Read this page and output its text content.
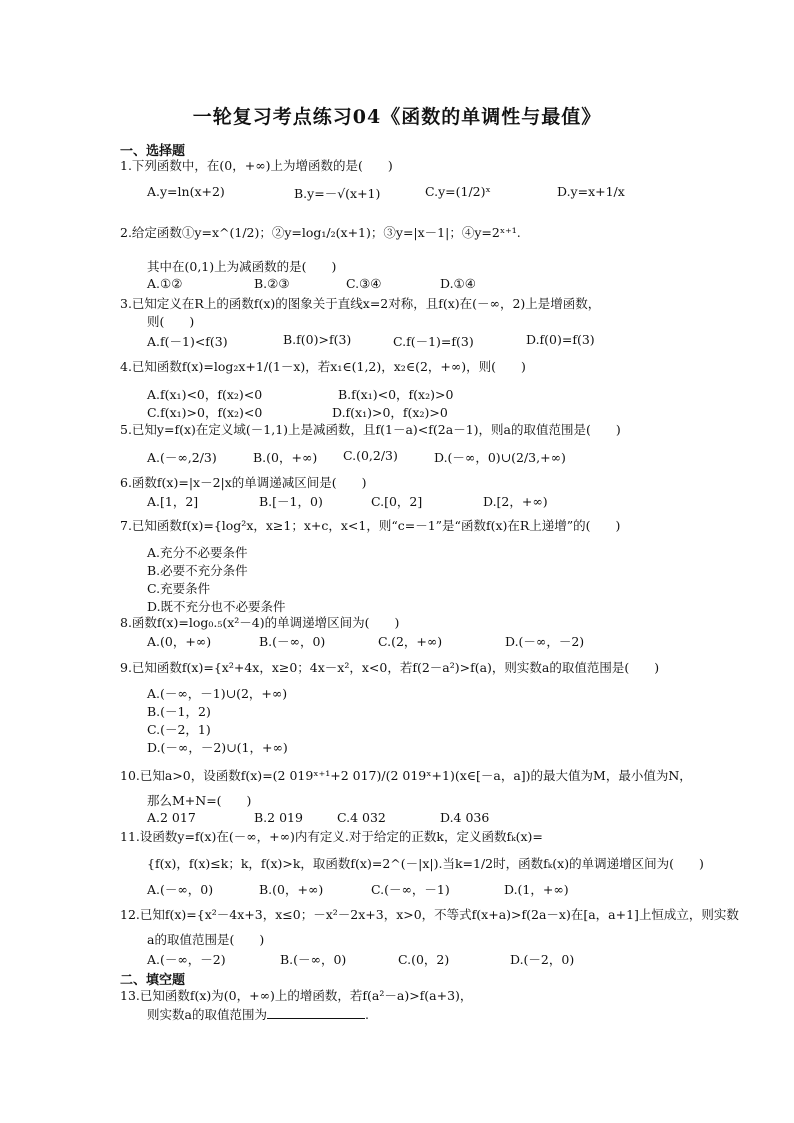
一轮复习考点练习04《函数的单调性与最值》
一、选择题
1.下列函数中，在(0，+∞)上为增函数的是(　　)
A.y=ln(x+2)	B.y=－√(x+1)	C.y=(1/2)ˣ	D.y=x+1/x
2.给定函数①y=x^(1/2)；②y=log₁/₂(x+1)；③y=|x－1|；④y=2ˣ⁺¹.
其中在(0,1)上为减函数的是(　　)
A.①②	B.②③	C.③④	D.①④
3.已知定义在R上的函数f(x)的图象关于直线x=2对称，且f(x)在(－∞，2)上是增函数，
则(　　)
A.f(－1)<f(3)	B.f(0)>f(3)	C.f(－1)=f(3)	D.f(0)=f(3)
4.已知函数f(x)=log₂x+1/(1－x)，若x₁∈(1,2)，x₂∈(2，+∞)，则(　　)
A.f(x₁)<0，f(x₂)<0	B.f(x₁)<0，f(x₂)>0
C.f(x₁)>0，f(x₂)<0	D.f(x₁)>0，f(x₂)>0
5.已知y=f(x)在定义域(－1,1)上是减函数，且f(1－a)<f(2a－1)，则a的取值范围是(　　)
A.(－∞,2/3)	B.(0，+∞) C.(0,2/3)	D.(－∞，0)∪(2/3,+∞)
6.函数f(x)=|x－2|x的单调递减区间是(　　)
A.[1，2]	B.[－1，0)	C.[0，2]	D.[2，+∞)
7.已知函数f(x)={log²x，x≥1；x+c，x<1，则“c=－1”是“函数f(x)在R上递增”的(　　)
A.充分不必要条件
B.必要不充分条件
C.充要条件
D.既不充分也不必要条件
8.函数f(x)=log₀.₅(x²－4)的单调递增区间为(　　)
A.(0，+∞)	B.(－∞，0)	C.(2，+∞)	D.(－∞，－2)
9.已知函数f(x)={x²+4x，x≥0；4x－x²，x<0，若f(2－a²)>f(a)，则实数a的取值范围是(　　)
A.(－∞，－1)∪(2，+∞)
B.(－1，2)
C.(－2，1)
D.(－∞，－2)∪(1，+∞)
10.已知a>0，设函数f(x)=(2 019ˣ⁺¹+2 017)/(2 019ˣ+1)(x∈[－a，a])的最大值为M，最小值为N，
那么M+N=(　　)
A.2 017	B.2 019	C.4 032	D.4 036
11.设函数y=f(x)在(－∞，+∞)内有定义.对于给定的正数k，定义函数fₖ(x)=
{f(x)，f(x)≤k；k，f(x)>k，取函数f(x)=2^(－|x|).当k=1/2时，函数fₖ(x)的单调递增区间为(　　)
A.(－∞，0)	B.(0，+∞)	C.(－∞，－1)	D.(1，+∞)
12.已知f(x)={x²－4x+3，x≤0；－x²－2x+3，x>0，不等式f(x+a)>f(2a－x)在[a，a+1]上恒成立，则实数
a的取值范围是(　　)
A.(－∞，－2)	B.(－∞，0)	C.(0，2)	D.(－2，0)
二、填空题
13.已知函数f(x)为(0，+∞)上的增函数，若f(a²－a)>f(a+3)，
则实数a的取值范围为	.
